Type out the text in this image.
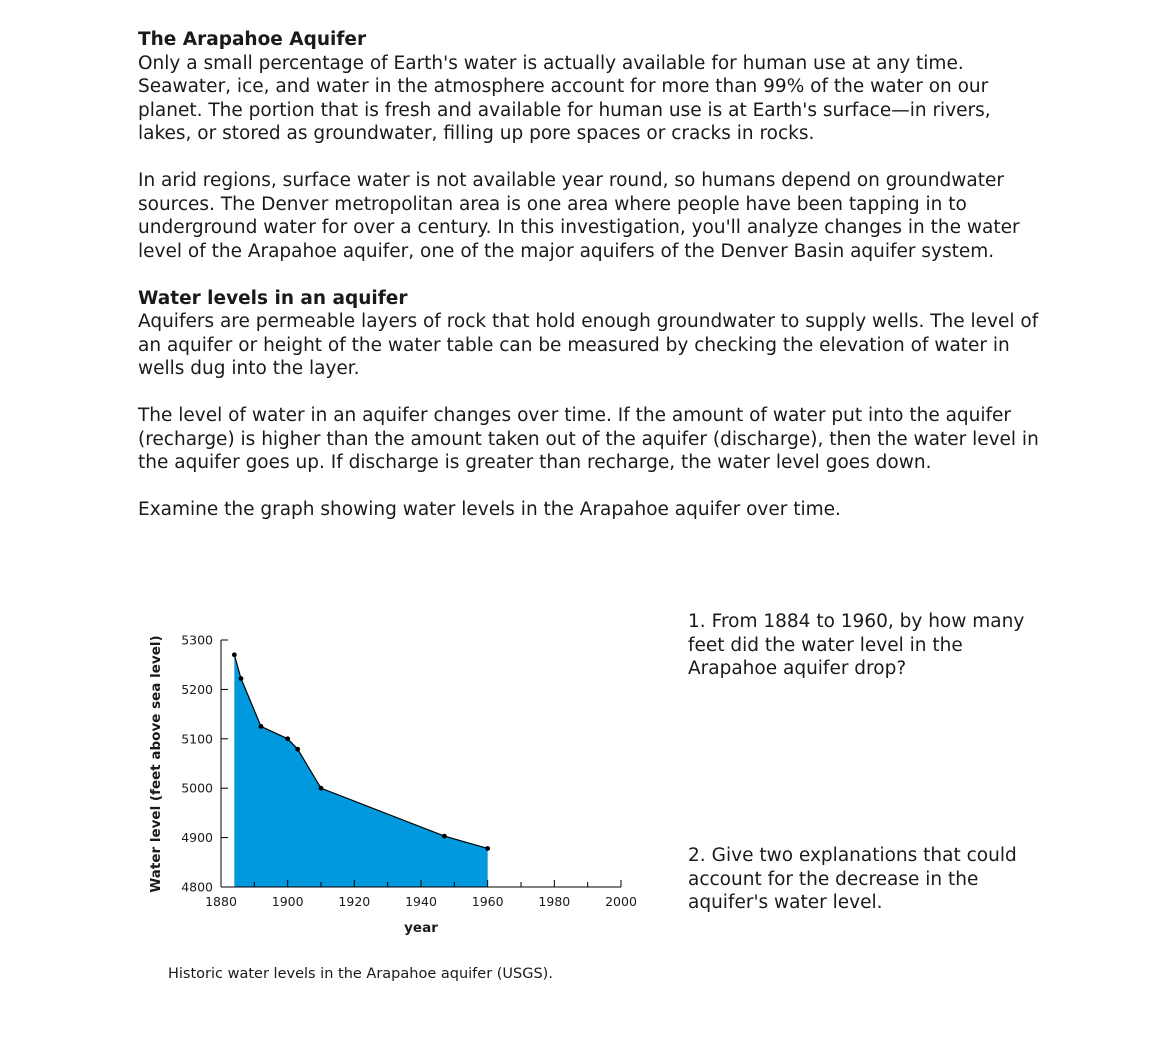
The Arapahoe Aquifer

Only a small percentage of Earth's water is actually available for human use at any time. Seawater, ice, and water in the atmosphere account for more than 99% of the water on our planet. The portion that is fresh and available for human use is at Earth's surface—in rivers, lakes, or stored as groundwater, filling up pore spaces or cracks in rocks.

In arid regions, surface water is not available year round, so humans depend on groundwater sources. The Denver metropolitan area is one area where people have been tapping in to underground water for over a century. In this investigation, you'll analyze changes in the water level of the Arapahoe aquifer, one of the major aquifers of the Denver Basin aquifer system.

Water levels in an aquifer

Aquifers are permeable layers of rock that hold enough groundwater to supply wells. The level of an aquifer or height of the water table can be measured by checking the elevation of water in wells dug into the layer.

The level of water in an aquifer changes over time. If the amount of water put into the aquifer (recharge) is higher than the amount taken out of the aquifer (discharge), then the water level in the aquifer goes up. If discharge is greater than recharge, the water level goes down.

Examine the graph showing water levels in the Arapahoe aquifer over time.

Water level (feet above sea level)
year
4800
4900
5000
5100
5200
5300
1880	1900	1920	1940	1960	1980	2000
Historic water levels in the Arapahoe aquifer (USGS).
1. From 1884 to 1960, by how many feet did the water level in the Arapahoe aquifer drop?
2. Give two explanations that could account for the decrease in the aquifer's water level.
